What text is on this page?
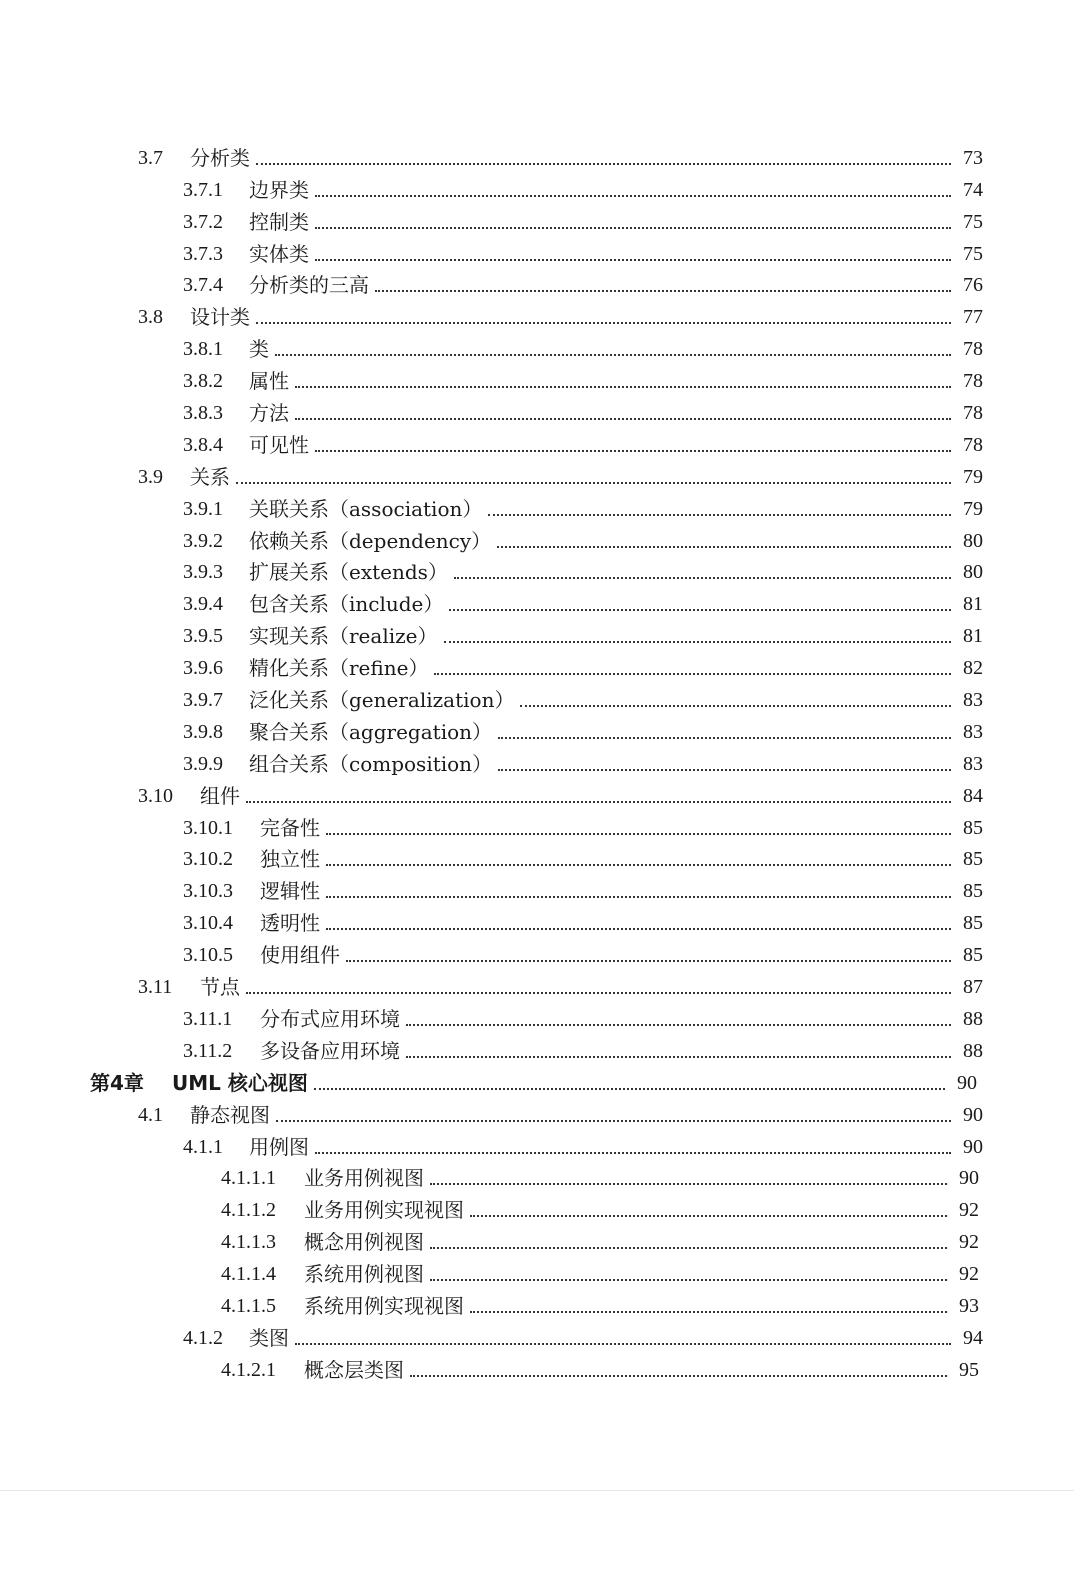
3.7	分析类	73
3.7.1	边界类	74
3.7.2	控制类	75
3.7.3	实体类	75
3.7.4	分析类的三高	76
3.8	设计类	77
3.8.1	类	78
3.8.2	属性	78
3.8.3	方法	78
3.8.4	可见性	78
3.9	关系	79
3.9.1	关联关系（association）	79
3.9.2	依赖关系（dependency）	80
3.9.3	扩展关系（extends）	80
3.9.4	包含关系（include）	81
3.9.5	实现关系（realize）	81
3.9.6	精化关系（refine）	82
3.9.7	泛化关系（generalization）	83
3.9.8	聚合关系（aggregation）	83
3.9.9	组合关系（composition）	83
3.10	组件	84
3.10.1	完备性	85
3.10.2	独立性	85
3.10.3	逻辑性	85
3.10.4	透明性	85
3.10.5	使用组件	85
3.11	节点	87
3.11.1	分布式应用环境	88
3.11.2	多设备应用环境	88
第4章	UML 核心视图	90
4.1	静态视图	90
4.1.1	用例图	90
4.1.1.1	业务用例视图	90
4.1.1.2	业务用例实现视图	92
4.1.1.3	概念用例视图	92
4.1.1.4	系统用例视图	92
4.1.1.5	系统用例实现视图	93
4.1.2	类图	94
4.1.2.1	概念层类图	95
